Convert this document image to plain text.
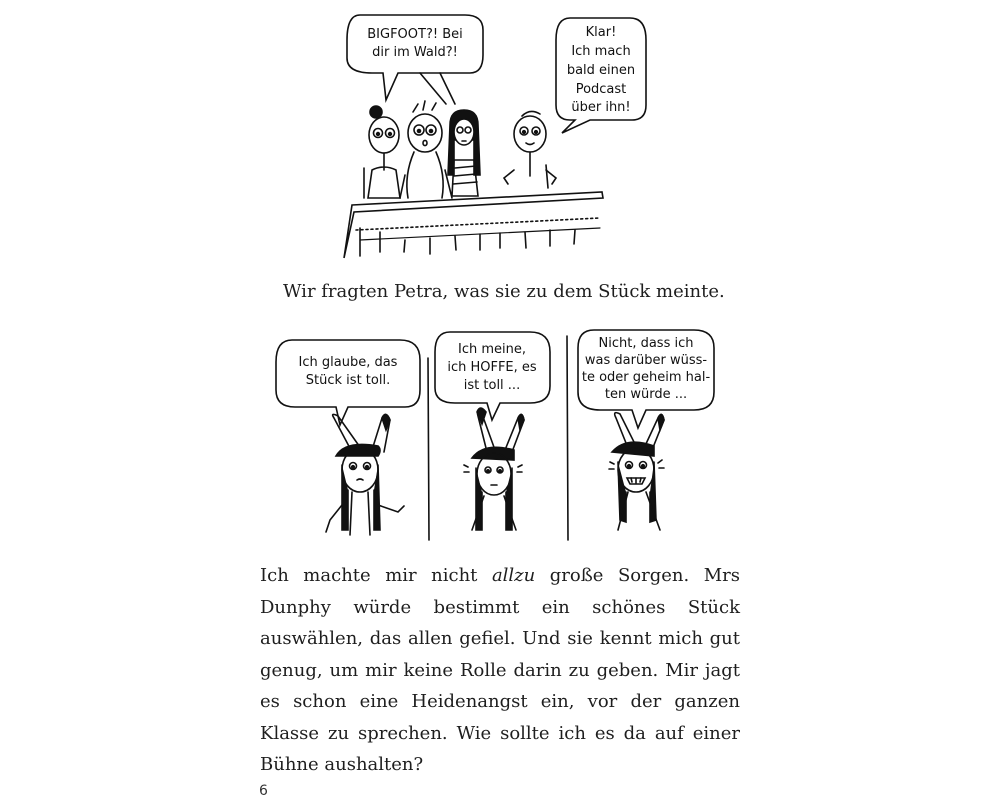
BIGFOOT?! Bei
dir im Wald?!
Klar!
Ich mach
bald einen
Podcast
über ihn!
Ich glaube, das
Stück ist toll.
Ich meine,
ich HOFFE, es
ist toll ...
Nicht, dass ich
was darüber wüss-
te oder geheim hal-
ten würde ...
Wir fragten Petra, was sie zu dem Stück meinte.

Ich machte mir nicht allzu große Sorgen. Mrs Dunphy würde bestimmt ein schönes Stück auswählen, das allen gefiel. Und sie kennt mich gut genug, um mir keine Rolle darin zu geben. Mir jagt es schon eine Heidenangst ein, vor der ganzen Klasse zu sprechen. Wie sollte ich es da auf einer Bühne aushalten?

6
